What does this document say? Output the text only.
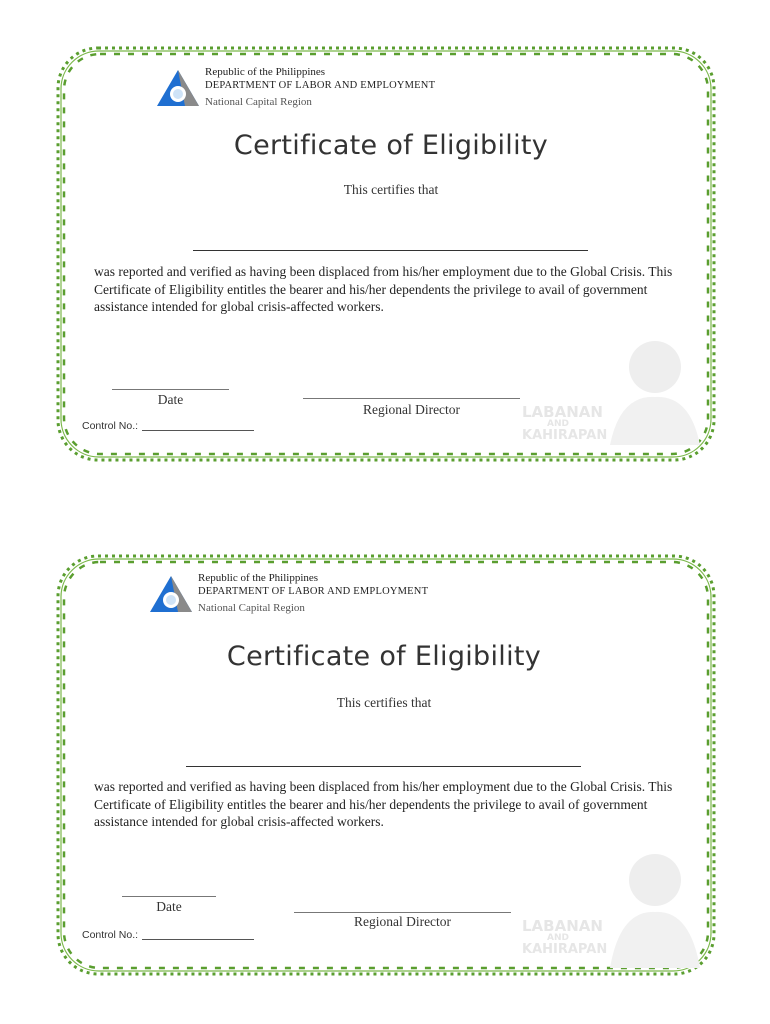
Republic of the Philippines
DEPARTMENT OF LABOR AND EMPLOYMENT
National Capital Region
Certificate of Eligibility
This certifies that
was reported and verified as having been displaced from his/her employment due to the Global Crisis. This Certificate of Eligibility entitles the bearer and his/her dependents the privilege to avail of government assistance intended for global crisis-affected workers.
LABANAN
AND
KAHIRAPAN
Date
Regional Director
Control No.:
Republic of the Philippines
DEPARTMENT OF LABOR AND EMPLOYMENT
National Capital Region
Certificate of Eligibility
This certifies that
was reported and verified as having been displaced from his/her employment due to the Global Crisis. This Certificate of Eligibility entitles the bearer and his/her dependents the privilege to avail of government assistance intended for global crisis-affected workers.
LABANAN
AND
KAHIRAPAN
Date
Regional Director
Control No.:
